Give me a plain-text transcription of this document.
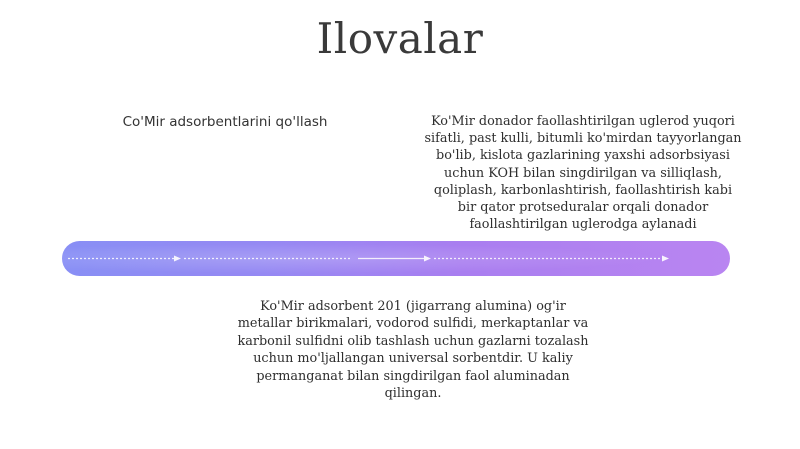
Ilovalar
Co'Mir adsorbentlarini qo'llash	Ko'Mir donador faollashtirilgan uglerod yuqori sifatli, past kulli, bitumli ko'mirdan tayyorlangan bo'lib, kislota gazlarining yaxshi adsorbsiyasi uchun KOH bilan singdirilgan va silliqlash, qoliplash, karbonlashtirish, faollashtirish kabi bir qator protseduralar orqali donador faollashtirilgan uglerodga aylanadi
Ko'Mir adsorbent 201 (jigarrang alumina) og'ir metallar birikmalari, vodorod sulfidi, merkaptanlar va karbonil sulfidni olib tashlash uchun gazlarni tozalash uchun mo'ljallangan universal sorbentdir. U kaliy permanganat bilan singdirilgan faol aluminadan qilingan.
